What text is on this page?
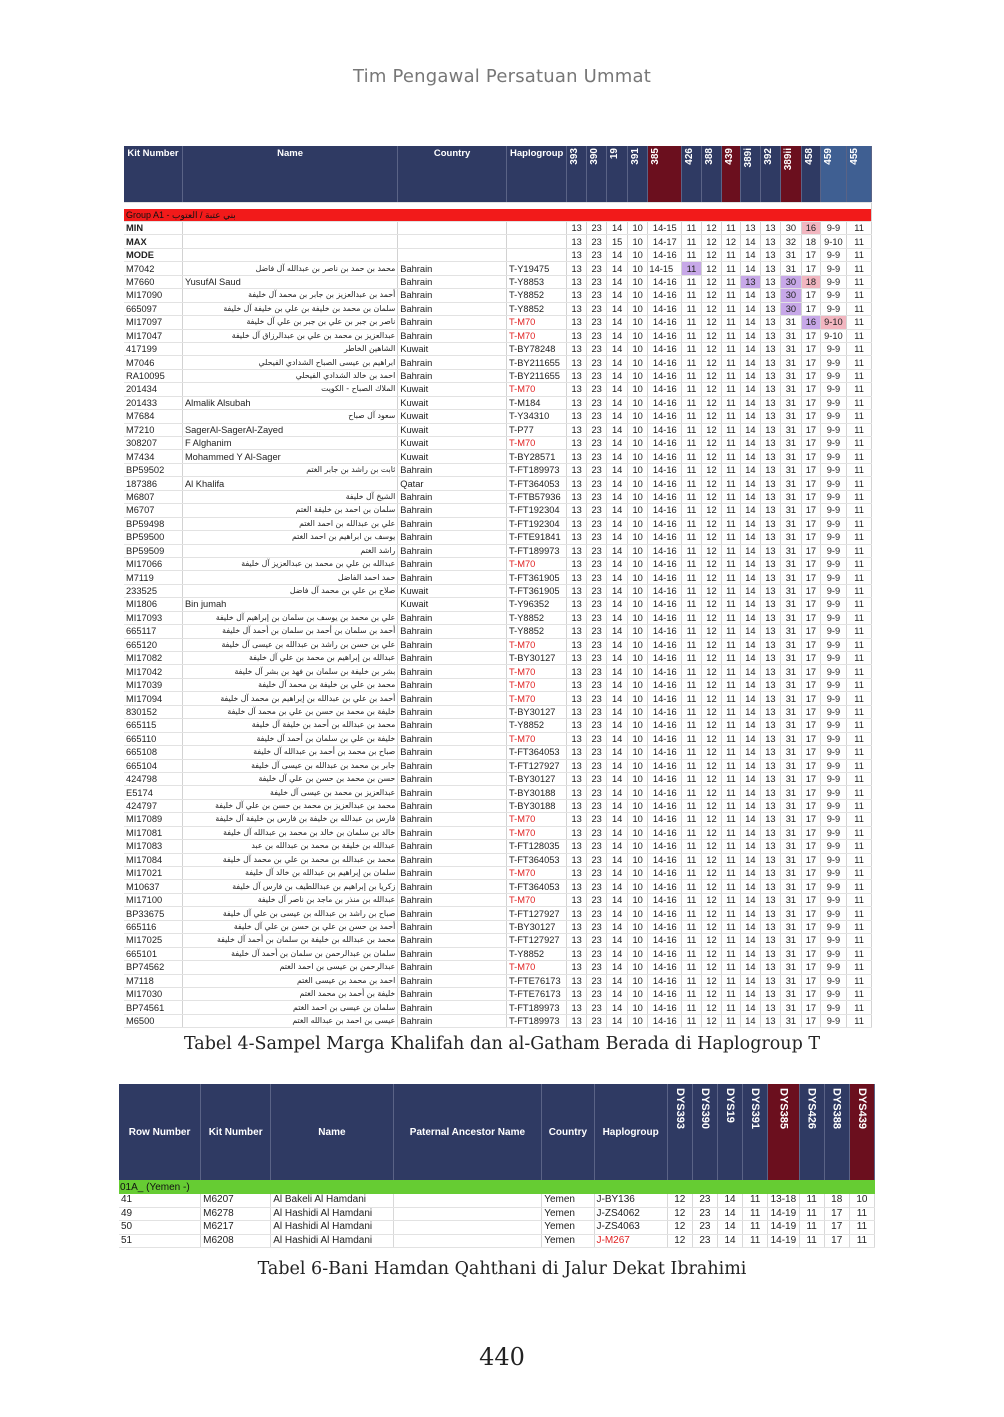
Tim Pengawal Persatuan Ummat
Kit Number	Name	Country	Haplogroup	393	390	19	391	385	426	388	439	389i	392	389ii	458	459	455

Group A1 - بني عتبة / العتوب																	
MIN				13	23	14	10	14-15	11	12	11	13	13	30	16	9-9	11
MAX				13	23	15	10	14-17	11	12	12	14	13	32	18	9-10	11
MODE				13	23	14	10	14-16	11	12	11	14	13	31	17	9-9	11
M7042	محمد بن حمد بن ناصر بن عبدالله آل فاضل	Bahrain	T-Y19475	13	23	14	10	14-15	11	12	11	14	13	31	17	9-9	11
M7660	YusufAl Saud	Bahrain	T-Y8853	13	23	14	10	14-16	11	12	11	13	13	30	18	9-9	11
MI17090	أحمد بن عبدالعزيز بن جابر بن محمد آل خليفة	Bahrain	T-Y8852	13	23	14	10	14-16	11	12	11	14	13	30	17	9-9	11
665097	سلمان بن محمد بن خليفة بن علي بن خليفة آل خليفة	Bahrain	T-Y8852	13	23	14	10	14-16	11	12	11	14	13	30	17	9-9	11
MI17097	ناصر بن جبر بن علي بن جبر بن علي آل خليفة	Bahrain	T-M70	13	23	14	10	14-16	11	12	11	14	13	31	16	9-10	11
MI17047	عبدالعزيز بن محمد بن علي بن عبدالرزاق آل خليفة	Bahrain	T-M70	13	23	14	10	14-16	11	12	11	14	13	31	17	9-10	11
417199	الشاهين الخاطر	Kuwait	T-BY78248	13	23	14	10	14-16	11	12	11	14	13	31	17	9-9	11
M7046	ابراهيم بن عيسى الصباح الشدادي الفيحلي	Bahrain	T-BY211655	13	23	14	10	14-16	11	12	11	14	13	31	17	9-9	11
RA10095	احمد بن خالد الشدادي الفيحلي	Bahrain	T-BY211655	13	23	14	10	14-16	11	12	11	14	13	31	17	9-9	11
201434	الملاك الصباح - الكويت	Kuwait	T-M70	13	23	14	10	14-16	11	12	11	14	13	31	17	9-9	11
201433	Almalik Alsubah	Kuwait	T-M184	13	23	14	10	14-16	11	12	11	14	13	31	17	9-9	11
M7684	سعود آل صباح	Kuwait	T-Y34310	13	23	14	10	14-16	11	12	11	14	13	31	17	9-9	11
M7210	SagerAl-SagerAl-Zayed	Kuwait	T-P77	13	23	14	10	14-16	11	12	11	14	13	31	17	9-9	11
308207	F Alghanim	Kuwait	T-M70	13	23	14	10	14-16	11	12	11	14	13	31	17	9-9	11
M7434	Mohammed Y Al-Sager	Kuwait	T-BY28571	13	23	14	10	14-16	11	12	11	14	13	31	17	9-9	11
BP59502	ثابت بن راشد بن جابر الغتم	Bahrain	T-FT189973	13	23	14	10	14-16	11	12	11	14	13	31	17	9-9	11
187386	Al Khalifa	Qatar	T-FT364053	13	23	14	10	14-16	11	12	11	14	13	31	17	9-9	11
M6807	الشيخ آل خليفة	Bahrain	T-FTB57936	13	23	14	10	14-16	11	12	11	14	13	31	17	9-9	11
M6707	سلمان بن احمد بن خليفة الغتم	Bahrain	T-FT192304	13	23	14	10	14-16	11	12	11	14	13	31	17	9-9	11
BP59498	علي بن عبدالله بن احمد الغتم	Bahrain	T-FT192304	13	23	14	10	14-16	11	12	11	14	13	31	17	9-9	11
BP59500	يوسف بن ابراهيم بن احمد الغتم	Bahrain	T-FTE91841	13	23	14	10	14-16	11	12	11	14	13	31	17	9-9	11
BP59509	راشد الغتم	Bahrain	T-FT189973	13	23	14	10	14-16	11	12	11	14	13	31	17	9-9	11
MI17066	عبدالله بن علي بن محمد بن عبدالعزيز آل خليفة	Bahrain	T-M70	13	23	14	10	14-16	11	12	11	14	13	31	17	9-9	11
M7119	حمد احمد الفاضل	Bahrain	T-FT361905	13	23	14	10	14-16	11	12	11	14	13	31	17	9-9	11
233525	صلاح بن علي بن محمد آل فاضل	Kuwait	T-FT361905	13	23	14	10	14-16	11	12	11	14	13	31	17	9-9	11
MI1806	Bin jumah	Kuwait	T-Y96352	13	23	14	10	14-16	11	12	11	14	13	31	17	9-9	11
MI17093	علي بن محمد بن يوسف بن سلمان بن إبراهيم آل خليفة	Bahrain	T-Y8852	13	23	14	10	14-16	11	12	11	14	13	31	17	9-9	11
665117	أحمد بن سلمان بن أحمد بن سلمان بن أحمد آل خليفة	Bahrain	T-Y8852	13	23	14	10	14-16	11	12	11	14	13	31	17	9-9	11
665120	علي بن حسن بن راشد بن عبدالله بن عيسى آل خليفة	Bahrain	T-M70	13	23	14	10	14-16	11	12	11	14	13	31	17	9-9	11
MI17082	عبدالله بن إبراهيم بن محمد بن علي آل خليفة	Bahrain	T-BY30127	13	23	14	10	14-16	11	12	11	14	13	31	17	9-9	11
MI17042	بشر بن خليفة بن سلمان بن فهد بن بشر آل خليفة	Bahrain	T-M70	13	23	14	10	14-16	11	12	11	14	13	31	17	9-9	11
MI17039	محمد بن علي بن خليفة بن محمد آل خليفة	Bahrain	T-M70	13	23	14	10	14-16	11	12	11	14	13	31	17	9-9	11
MI17094	أحمد بن علي بن عبدالله بن إبراهيم بن محمد آل خليفة	Bahrain	T-M70	13	23	14	10	14-16	11	12	11	14	13	31	17	9-9	11
830152	خليفة بن محمد بن حسن بن علي بن محمد آل خليفة	Bahrain	T-BY30127	13	23	14	10	14-16	11	12	11	14	13	31	17	9-9	11
665115	محمد بن عبدالله بن أحمد بن خليفة آل خليفة	Bahrain	T-Y8852	13	23	14	10	14-16	11	12	11	14	13	31	17	9-9	11
665110	خليفة بن علي بن سلمان بن أحمد آل خليفة	Bahrain	T-M70	13	23	14	10	14-16	11	12	11	14	13	31	17	9-9	11
665108	صباح بن محمد بن أحمد بن عبدالله آل خليفة	Bahrain	T-FT364053	13	23	14	10	14-16	11	12	11	14	13	31	17	9-9	11
665104	جابر بن محمد بن عبدالله بن عيسى آل خليفة	Bahrain	T-FT127927	13	23	14	10	14-16	11	12	11	14	13	31	17	9-9	11
424798	حسن بن محمد بن حسن بن علي آل خليفة	Bahrain	T-BY30127	13	23	14	10	14-16	11	12	11	14	13	31	17	9-9	11
E5174	عبدالعزيز بن محمد بن عيسى آل خليفة	Bahrain	T-BY30188	13	23	14	10	14-16	11	12	11	14	13	31	17	9-9	11
424797	محمد بن عبدالعزيز بن محمد بن حسن بن علي آل خليفة	Bahrain	T-BY30188	13	23	14	10	14-16	11	12	11	14	13	31	17	9-9	11
MI17089	فارس بن عبدالله بن خليفة بن فارس بن خليفة آل خليفة	Bahrain	T-M70	13	23	14	10	14-16	11	12	11	14	13	31	17	9-9	11
MI17081	خالد بن سلمان بن خالد بن محمد بن عبدالله آل خليفة	Bahrain	T-M70	13	23	14	10	14-16	11	12	11	14	13	31	17	9-9	11
MI17083	عبدالله بن خليفة بن محمد بن عبدالله بن عبد	Bahrain	T-FT128035	13	23	14	10	14-16	11	12	11	14	13	31	17	9-9	11
MI17084	محمد بن عبدالله بن محمد بن علي بن محمد آل خليفة	Bahrain	T-FT364053	13	23	14	10	14-16	11	12	11	14	13	31	17	9-9	11
MI17021	سلمان بن إبراهيم بن عبدالله بن خالد آل خليفة	Bahrain	T-M70	13	23	14	10	14-16	11	12	11	14	13	31	17	9-9	11
M10637	زكريا بن إبراهيم بن عبداللطيف بن فارس آل خليفة	Bahrain	T-FT364053	13	23	14	10	14-16	11	12	11	14	13	31	17	9-9	11
MI17100	عبدالله بن منذر بن ماجد بن ناصر آل خليفة	Bahrain	T-M70	13	23	14	10	14-16	11	12	11	14	13	31	17	9-9	11
BP33675	صباح بن راشد بن عبدالله بن عيسى بن علي آل خليفة	Bahrain	T-FT127927	13	23	14	10	14-16	11	12	11	14	13	31	17	9-9	11
665116	أحمد بن حسن بن علي بن حسن بن علي آل خليفة	Bahrain	T-BY30127	13	23	14	10	14-16	11	12	11	14	13	31	17	9-9	11
MI17025	محمد بن عبدالله بن خليفة بن سلمان بن أحمد آل خليفة	Bahrain	T-FT127927	13	23	14	10	14-16	11	12	11	14	13	31	17	9-9	11
665101	سلمان بن عبدالرحمن بن سلمان بن أحمد آل خليفة	Bahrain	T-Y8852	13	23	14	10	14-16	11	12	11	14	13	31	17	9-9	11
BP74562	عبدالرحمن بن عيسى بن احمد الغتم	Bahrain	T-M70	13	23	14	10	14-16	11	12	11	14	13	31	17	9-9	11
M7118	احمد بن محمد بن عيسى الغتم	Bahrain	T-FTE76173	13	23	14	10	14-16	11	12	11	14	13	31	17	9-9	11
MI17030	خليفة بن أحمد بن محمد الغتم	Bahrain	T-FTE76173	13	23	14	10	14-16	11	12	11	14	13	31	17	9-9	11
BP74561	سلمان بن عيسى بن احمد الغتم	Bahrain	T-FT189973	13	23	14	10	14-16	11	12	11	14	13	31	17	9-9	11
M6500	عيسى بن احمد بن عبدالله الغتم	Bahrain	T-FT189973	13	23	14	10	14-16	11	12	11	14	13	31	17	9-9	11
Tabel 4-Sampel Marga Khalifah dan al-Gatham Berada di Haplogroup T
Row Number	Kit Number	Name	Paternal Ancestor Name	Country	Haplogroup	DYS393	DYS390	DYS19	DYS391	DYS385	DYS426	DYS388	DYS439
01A_ (Yemen -)													
41	M6207	Al Bakeli Al Hamdani		Yemen	J-BY136	12	23	14	11	13-18	11	18	10
49	M6278	Al Hashidi Al Hamdani		Yemen	J-ZS4062	12	23	14	11	14-19	11	17	11
50	M6217	Al Hashidi Al Hamdani		Yemen	J-ZS4063	12	23	14	11	14-19	11	17	11
51	M6208	Al Hashidi Al Hamdani		Yemen	J-M267	12	23	14	11	14-19	11	17	11
Tabel 6-Bani Hamdan Qahthani di Jalur Dekat Ibrahimi
440
